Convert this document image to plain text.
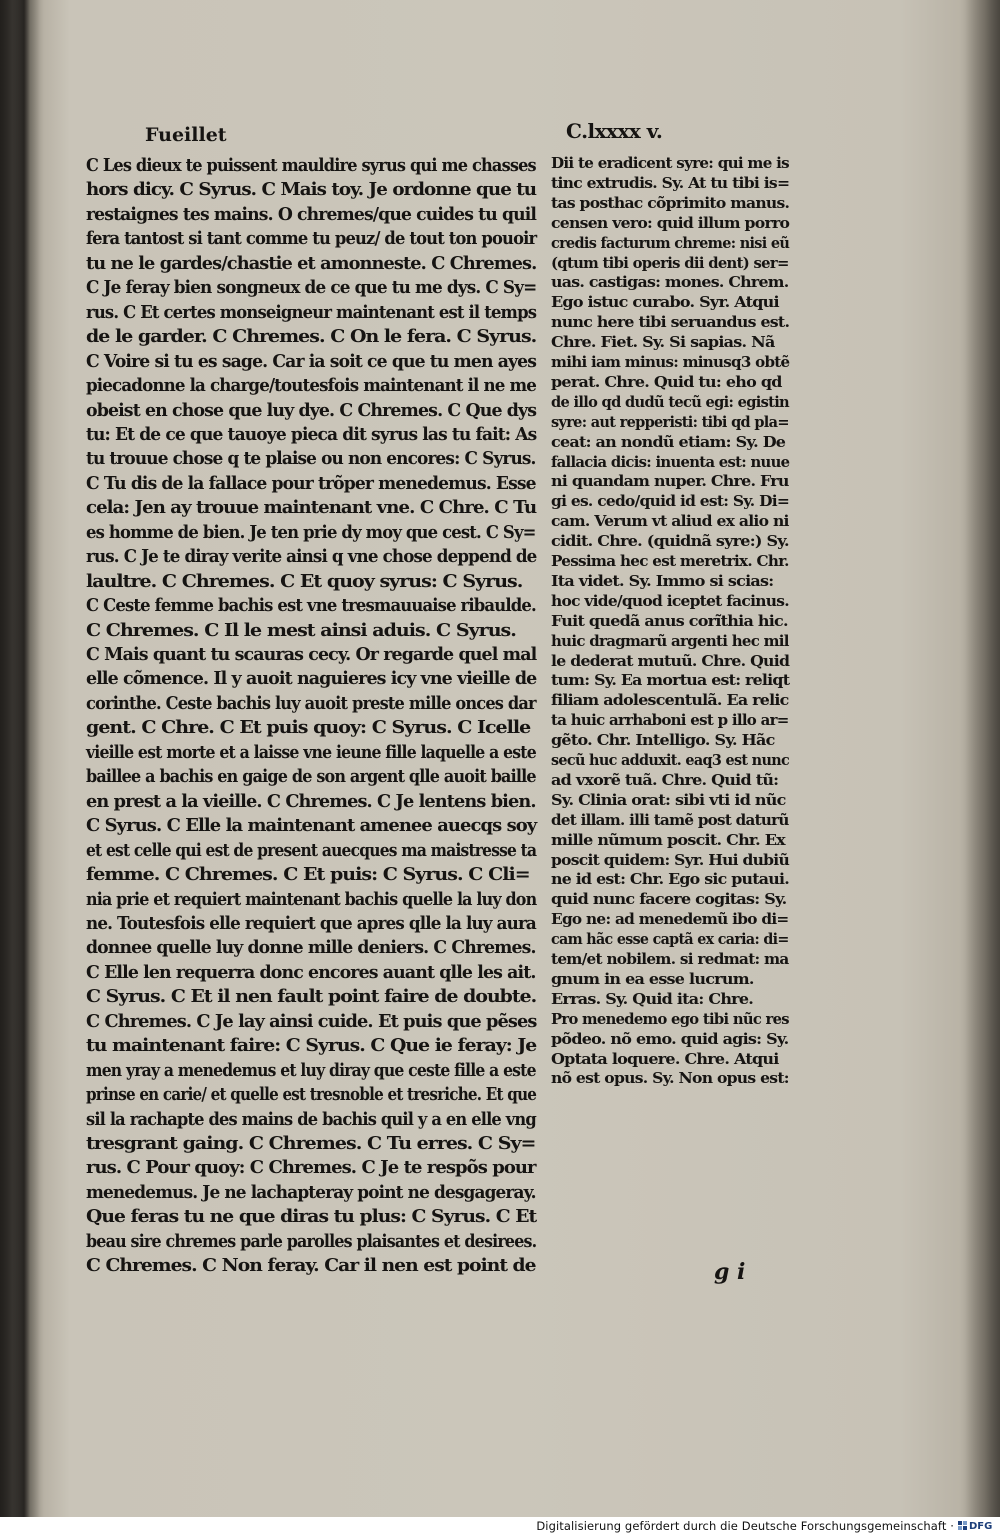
Fueillet	C.lxxxx v.
C Les dieux te puissent mauldire syrus qui me chasses
hors dicy. C Syrus. C Mais toy. Je ordonne que tu
restaignes tes mains. O chremes/que cuides tu quil
fera tantost si tant comme tu peuz/ de tout ton pouoir
tu ne le gardes/chastie et amonneste. C Chremes.
C Je feray bien songneux de ce que tu me dys. C Sy=
rus. C Et certes monseigneur maintenant est il temps
de le garder. C Chremes. C On le fera. C Syrus.
C Voire si tu es sage. Car ia soit ce que tu men ayes
piecadonne la charge/toutesfois maintenant il ne me
obeist en chose que luy dye. C Chremes. C Que dys
tu: Et de ce que tauoye pieca dit syrus las tu fait: As
tu trouue chose q te plaise ou non encores: C Syrus.
C Tu dis de la fallace pour trõper menedemus. Esse
cela: Jen ay trouue maintenant vne. C Chre. C Tu
es homme de bien. Je ten prie dy moy que cest. C Sy=
rus. C Je te diray verite ainsi q vne chose deppend de
laultre. C Chremes. C Et quoy syrus: C Syrus.
C Ceste femme bachis est vne tresmauuaise ribaulde.
C Chremes. C Il le mest ainsi aduis. C Syrus.
C Mais quant tu scauras cecy. Or regarde quel mal
elle cõmence. Il y auoit naguieres icy vne vieille de
corinthe. Ceste bachis luy auoit preste mille onces dar
gent. C Chre. C Et puis quoy: C Syrus. C Icelle
vieille est morte et a laisse vne ieune fille laquelle a este
baillee a bachis en gaige de son argent qlle auoit baille
en prest a la vieille. C Chremes. C Je lentens bien.
C Syrus. C Elle la maintenant amenee auecqs soy
et est celle qui est de present auecques ma maistresse ta
femme. C Chremes. C Et puis: C Syrus. C Cli=
nia prie et requiert maintenant bachis quelle la luy don
ne. Toutesfois elle requiert que apres qlle la luy aura
donnee quelle luy donne mille deniers. C Chremes.
C Elle len requerra donc encores auant qlle les ait.
C Syrus. C Et il nen fault point faire de doubte.
C Chremes. C Je lay ainsi cuide. Et puis que pẽses
tu maintenant faire: C Syrus. C Que ie feray: Je
men yray a menedemus et luy diray que ceste fille a este
prinse en carie/ et quelle est tresnoble et tresriche. Et que
sil la rachapte des mains de bachis quil y a en elle vng
tresgrant gaing. C Chremes. C Tu erres. C Sy=
rus. C Pour quoy: C Chremes. C Je te respõs pour
menedemus. Je ne lachapteray point ne desgageray.
Que feras tu ne que diras tu plus: C Syrus. C Et
beau sire chremes parle parolles plaisantes et desirees.
C Chremes. C Non feray. Car il nen est point de
Dii te eradicent syre: qui me is
tinc extrudis. Sy. At tu tibi is=
tas posthac cõprimito manus.
censen vero: quid illum porro
credis facturum chreme: nisi eũ
(qtum tibi operis dii dent) ser=
uas. castigas: mones. Chrem.
Ego istuc curabo. Syr. Atqui
nunc here tibi seruandus est.
Chre. Fiet. Sy. Si sapias. Nã
mihi iam minus: minusq3 obtẽ
perat. Chre. Quid tu: eho qd
de illo qd dudũ tecũ egi: egistin
syre: aut repperisti: tibi qd pla=
ceat: an nondũ etiam: Sy. De
fallacia dicis: inuenta est: nuue
ni quandam nuper. Chre. Fru
gi es. cedo/quid id est: Sy. Di=
cam. Verum vt aliud ex alio ni
cidit. Chre. (quidnã syre:) Sy.
Pessima hec est meretrix. Chr.
Ita videt. Sy. Immo si scias:
hoc vide/quod iceptet facinus.
Fuit quedã anus corĩthia hic.
huic dragmarũ argenti hec mil
le dederat mutuũ. Chre. Quid
tum: Sy. Ea mortua est: reliqt
filiam adolescentulã. Ea relic
ta huic arrhaboni est p illo ar=
gẽto. Chr. Intelligo. Sy. Hãc
secũ huc adduxit. eaq3 est nunc
ad vxorẽ tuã. Chre. Quid tũ:
Sy. Clinia orat: sibi vti id nũc
det illam. illi tamẽ post daturũ
mille nũmum poscit. Chr. Ex
poscit quidem: Syr. Hui dubiũ
ne id est: Chr. Ego sic putaui.
quid nunc facere cogitas: Sy.
Ego ne: ad menedemũ ibo di=
cam hãc esse captã ex caria: di=
tem/et nobilem. si redmat: ma
gnum in ea esse lucrum.
Erras. Sy. Quid ita: Chre.
Pro menedemo ego tibi nũc res
põdeo. nõ emo. quid agis: Sy.
Optata loquere. Chre. Atqui
nõ est opus. Sy. Non opus est:
g i
Digitalisierung gefördert durch die Deutsche Forschungsgemeinschaft · DFG
